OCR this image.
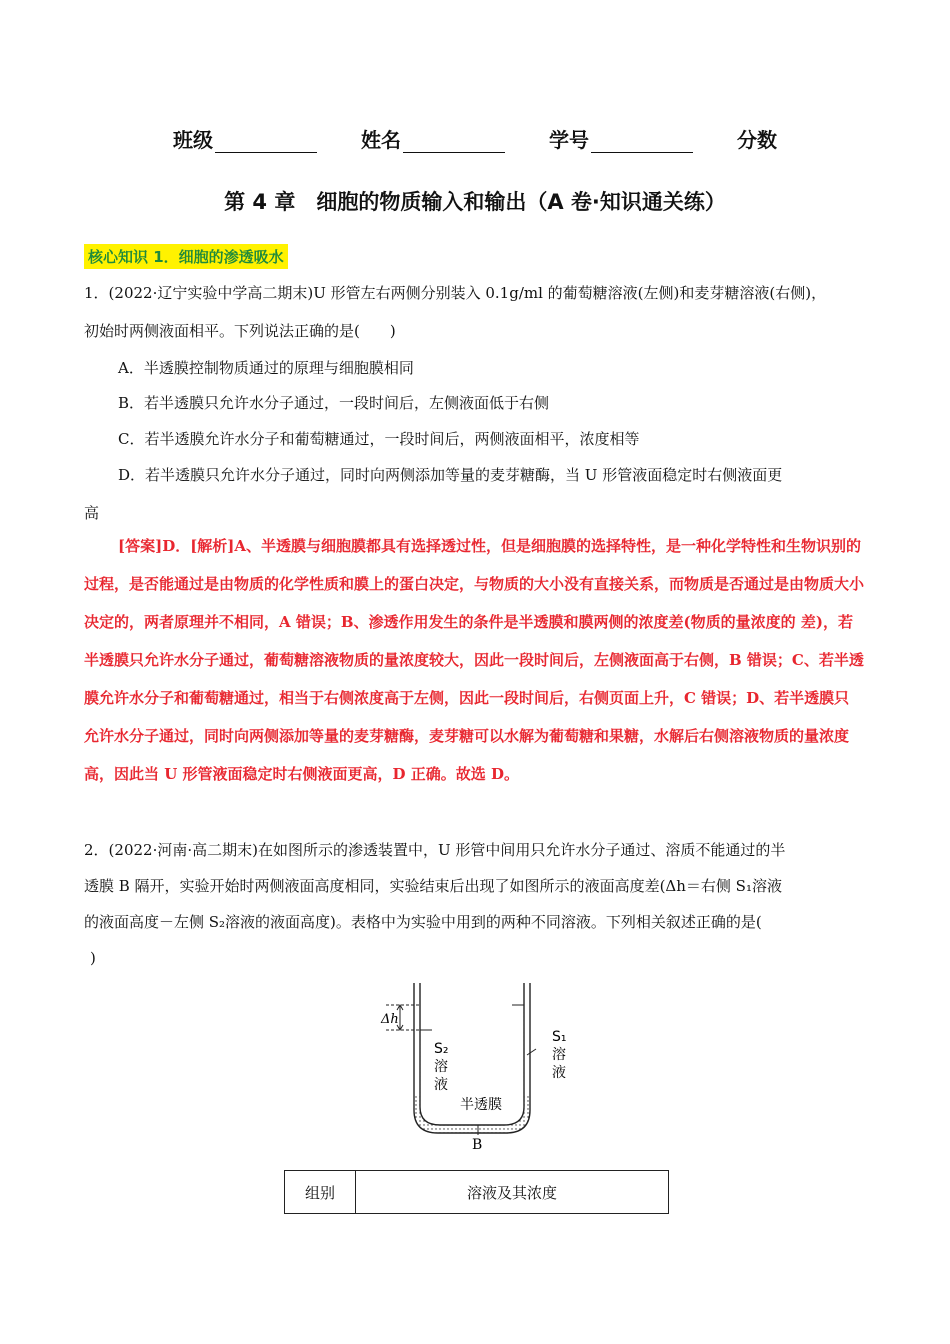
班级	姓名	学号	分数
第 4 章　细胞的物质输入和输出（A 卷·知识通关练）
核心知识 1．细胞的渗透吸水
1．(2022·辽宁实验中学高二期末)U 形管左右两侧分别装入 0.1g/ml 的葡萄糖溶液(左侧)和麦芽糖溶液(右侧)，
初始时两侧液面相平。下列说法正确的是(　　)
A．半透膜控制物质通过的原理与细胞膜相同
B．若半透膜只允许水分子通过，一段时间后，左侧液面低于右侧
C．若半透膜允许水分子和葡萄糖通过，一段时间后，两侧液面相平，浓度相等
D．若半透膜只允许水分子通过，同时向两侧添加等量的麦芽糖酶，当 U 形管液面稳定时右侧液面更
高
[答案]D．[解析]A、半透膜与细胞膜都具有选择透过性，但是细胞膜的选择特性，是一种化学特性和生物识别的过程，是否能通过是由物质的化学性质和膜上的蛋白决定，与物质的大小没有直接关系，而物质是否通过是由物质大小决定的，两者原理并不相同，A 错误；B、渗透作用发生的条件是半透膜和膜两侧的浓度差(物质的量浓度的 差)，若半透膜只允许水分子通过，葡萄糖溶液物质的量浓度较大，因此一段时间后，左侧液面高于右侧，B 错误；C、若半透膜允许水分子和葡萄糖通过，相当于右侧浓度高于左侧，因此一段时间后，右侧页面上升，C 错误；D、若半透膜只允许水分子通过，同时向两侧添加等量的麦芽糖酶，麦芽糖可以水解为葡萄糖和果糖，水解后右侧溶液物质的量浓度高，因此当 U 形管液面稳定时右侧液面更高，D 正确。故选 D。
2．(2022·河南·高二期末)在如图所示的渗透装置中，U 形管中间用只允许水分子通过、溶质不能通过的半
透膜 B 隔开，实验开始时两侧液面高度相同，实验结束后出现了如图所示的液面高度差(Δh＝右侧 S₁溶液
的液面高度－左侧 S₂溶液的液面高度)。表格中为实验中用到的两种不同溶液。下列相关叙述正确的是(
)
Δh
S₂
溶
液
S₁
溶
液
半透膜
B
组别	溶液及其浓度
